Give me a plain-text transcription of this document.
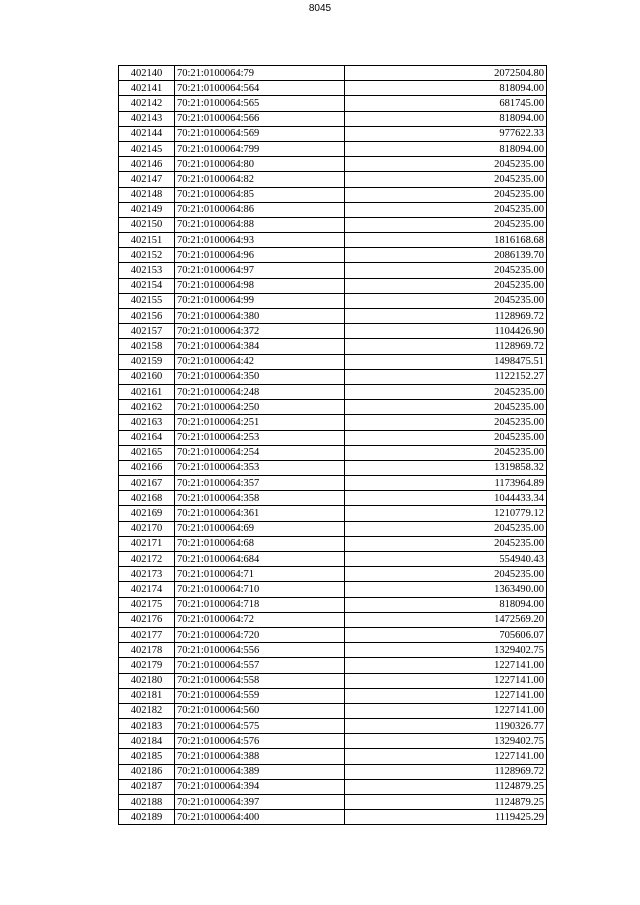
8045
402140	70:21:0100064:79	2072504.80
402141	70:21:0100064:564	818094.00
402142	70:21:0100064:565	681745.00
402143	70:21:0100064:566	818094.00
402144	70:21:0100064:569	977622.33
402145	70:21:0100064:799	818094.00
402146	70:21:0100064:80	2045235.00
402147	70:21:0100064:82	2045235.00
402148	70:21:0100064:85	2045235.00
402149	70:21:0100064:86	2045235.00
402150	70:21:0100064:88	2045235.00
402151	70:21:0100064:93	1816168.68
402152	70:21:0100064:96	2086139.70
402153	70:21:0100064:97	2045235.00
402154	70:21:0100064:98	2045235.00
402155	70:21:0100064:99	2045235.00
402156	70:21:0100064:380	1128969.72
402157	70:21:0100064:372	1104426.90
402158	70:21:0100064:384	1128969.72
402159	70:21:0100064:42	1498475.51
402160	70:21:0100064:350	1122152.27
402161	70:21:0100064:248	2045235.00
402162	70:21:0100064:250	2045235.00
402163	70:21:0100064:251	2045235.00
402164	70:21:0100064:253	2045235.00
402165	70:21:0100064:254	2045235.00
402166	70:21:0100064:353	1319858.32
402167	70:21:0100064:357	1173964.89
402168	70:21:0100064:358	1044433.34
402169	70:21:0100064:361	1210779.12
402170	70:21:0100064:69	2045235.00
402171	70:21:0100064:68	2045235.00
402172	70:21:0100064:684	554940.43
402173	70:21:0100064:71	2045235.00
402174	70:21:0100064:710	1363490.00
402175	70:21:0100064:718	818094.00
402176	70:21:0100064:72	1472569.20
402177	70:21:0100064:720	705606.07
402178	70:21:0100064:556	1329402.75
402179	70:21:0100064:557	1227141.00
402180	70:21:0100064:558	1227141.00
402181	70:21:0100064:559	1227141.00
402182	70:21:0100064:560	1227141.00
402183	70:21:0100064:575	1190326.77
402184	70:21:0100064:576	1329402.75
402185	70:21:0100064:388	1227141.00
402186	70:21:0100064:389	1128969.72
402187	70:21:0100064:394	1124879.25
402188	70:21:0100064:397	1124879.25
402189	70:21:0100064:400	1119425.29
